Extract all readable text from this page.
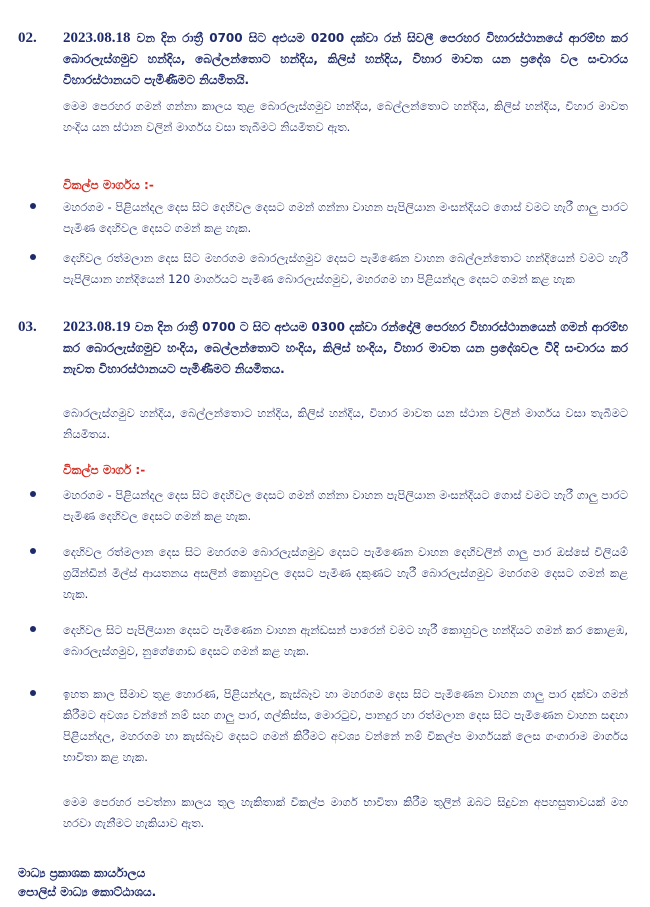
02. 2023.08.18 වන දින රාත්‍රී 0700 සිට අළුයම 0200 දක්වා රන් සිවලී පෙරහර විහාරස්ථානයේ ආරම්භ කර බොරලැස්ගමුව හන්දිය, බෙල්ලන්තොට හන්දිය, කිලිස් හන්දිය, විහාර මාවත යන ප්‍රදේශ වල සංචාරය විහාරස්ථානයට පැමිණීමට නියමිතයි.
මෙම පෙරහර ගමන් ගන්නා කාලය තුළ බොරලැස්ගමුව හන්දිය, බෙල්ලන්තොට හන්දිය, කිලිස් හන්දිය, විහාර මාවත හංදිය යන ස්ථාන වලින් මාර්ගය වසා තැබීමට නියමිතව ඇත.
විකල්ප මාර්ගය :-
මහරගම - පිළියන්දල දෙස සිට දෙහිවල දෙසට ගමන් ගන්නා වාහන පැපිලියාන මංසන්දියට ගොස් වමට හැරී ගාලු පාරට පැමිණ දෙහිවල දෙසට ගමන් කළ හැක.
දෙහිවල රත්මලාන දෙස සිට මහරගම බොරලැස්ගමුව දෙසට පැමිණෙන වාහන බෙල්ලන්තොට හන්දියෙන් වමට හැරී පැපිලියාන හන්දියෙන් 120 මාර්ගයට පැමිණ බොරලැස්ගමුව, මහරගම හා පිළියන්දල දෙසට ගමන් කළ හැක
03. 2023.08.19 වන දින රාත්‍රී 0700 ට සිට අළුයම 0300 දක්වා රන්දෝලී පෙරහර විහාරස්ථානයෙන් ගමන් ආරම්භ කර බොරලැස්ගමුව හංදිය, බෙල්ලන්තොට හංදිය, කිලිස් හංදිය, විහාර මාවත යන ප්‍රදේශවල වීදි සංචාරය කර නැවත විහාරස්ථානයට පැමිණීමට නියමිතය.
බොරලැස්ගමුව හන්දිය, බෙල්ලන්තොට හන්දිය, කිලිස් හන්දිය, විහාර මාවත යන ස්ථාන වලින් මාර්ගය වසා තැබීමට නියමිතය.
විකල්ප මාර්ග :-
මහරගම - පිළියන්දල දෙස සිට දෙහිවල දෙසට ගමන් ගන්නා වාහන පැපිලියාන මංසන්දියට ගොස් වමට හැරී ගාලු පාරට පැමිණ දෙහිවල දෙසට ගමන් කළ හැක.
දෙහිවල රත්මලාන දෙස සිට මහරගම බොරලැස්ගමුව දෙසට පැමිණෙන වාහන දෙහිවලින් ගාලු පාර ඔස්සේ විලියම් ග්‍රයින්ඩින් මිල්ස් ආයතනය අසලින් කොහුවල දෙසට පැමිණ දකුණට හැරී බොරලැස්ගමුව මහරගම දෙසට ගමන් කළ හැක.
දෙහිවල සිට පැපිලියාන දෙසට පැමිණෙන වාහන ඇන්ඩසන් පාරෙන් වමට හැරී කොහුවල හන්දියට ගමන් කර කොළඹ, බොරලැස්ගමුව, නුගේගොඩ දෙසට ගමන් කළ හැක.
ඉහත කාල සීමාව තුළ හොරණ, පිළියන්දල, කැස්බෑව හා මහරගම දෙස සිට පැමිණෙන වාහන ගාලු පාර දක්වා ගමන් කිරීමට අවශ්‍ය වන්නේ නම් සහ ගාලු පාර, ගල්කිස්ස, මොරටුව, පානදුර හා රත්මලාන දෙස සිට පැමිණෙන වාහන සඳහා පිළියන්දල, මහරගම හා කැස්බෑව දෙසට ගමන් කිරීමට අවශ්‍ය වන්නේ නම් විකල්ප මාර්ගයක් ලෙස ගංගාරාම මාර්ගය භාවිතා කළ හැක.
මෙම පෙරහර පවත්නා කාලය තුල හැකිතාක් විකල්ප මාර්ග භාවිතා කිරීම තුලින් ඔබට සිදුවන අපහසුතාවයක් මහ හරවා ගැනීමට හැකියාව ඇත.
මාධ්‍ය ප්‍රකාශක කාර්යාලය
පොලිස් මාධ්‍ය කොට්ඨාශය.
